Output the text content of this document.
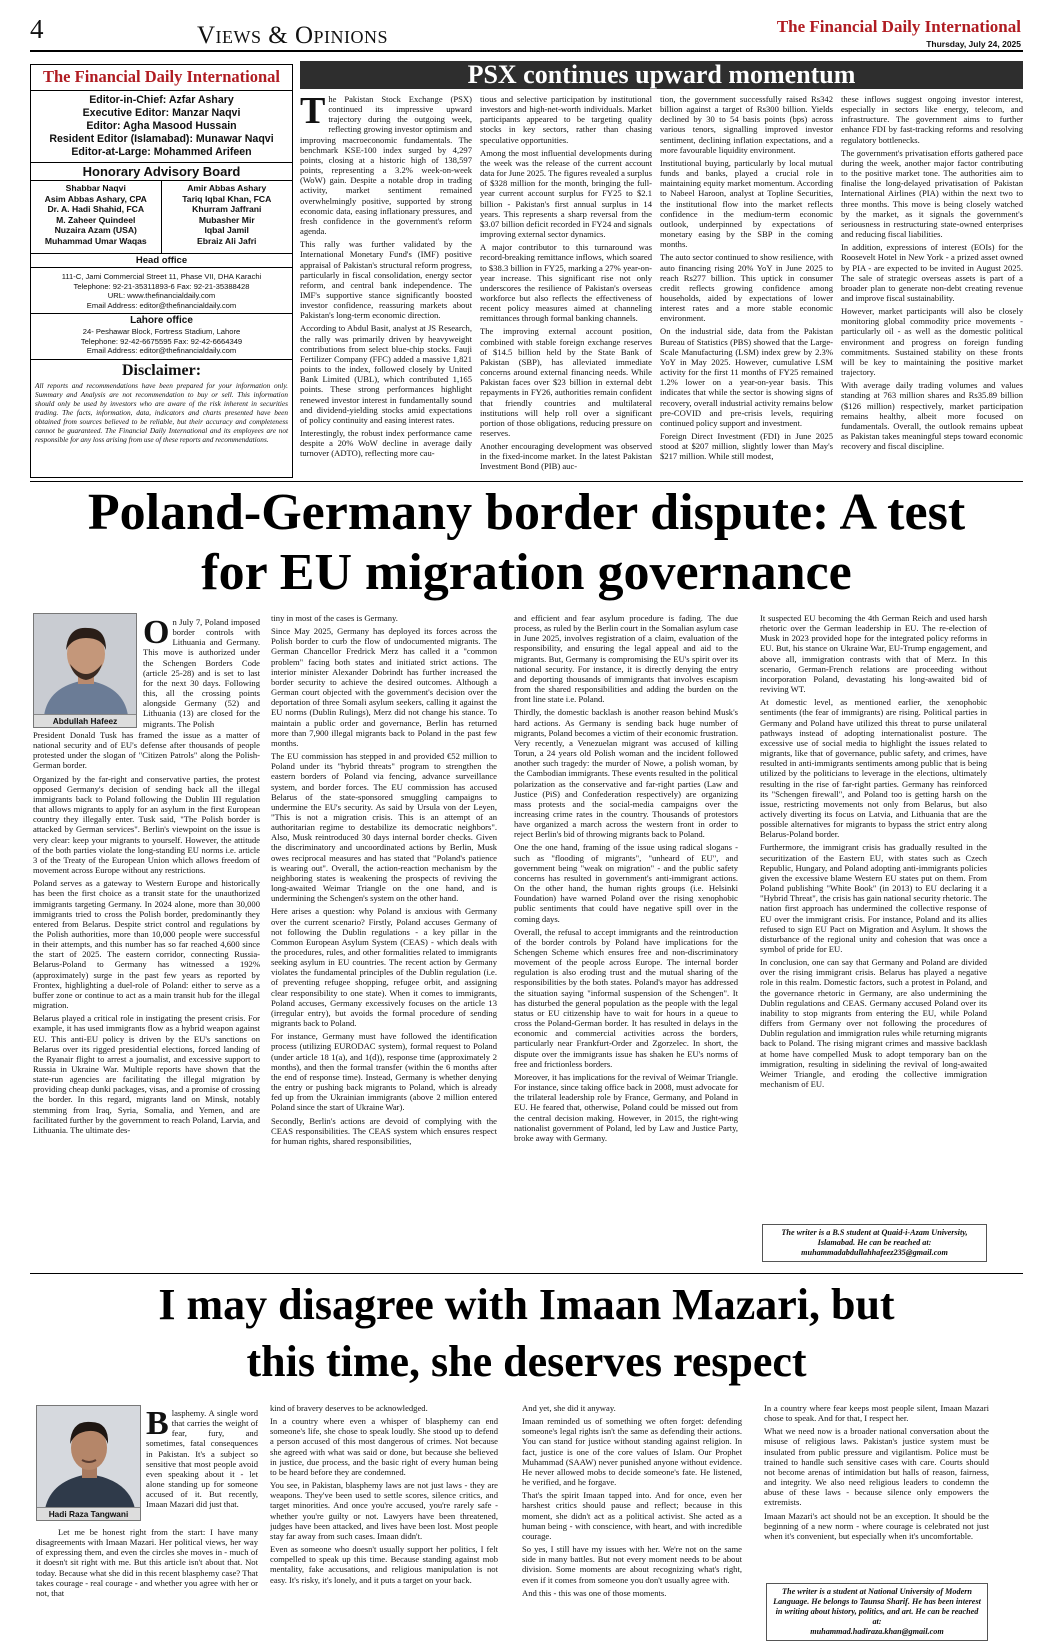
4	Views & Opinions	The Financial Daily International
Thursday, July 24, 2025
The Financial Daily International
Editor-in-Chief: Azfar Ashary
Executive Editor: Manzar Naqvi
Editor: Agha Masood Hussain
Resident Editor (Islamabad): Munawar Naqvi
Editor-at-Large: Mohammed Arifeen
Honorary Advisory Board
Shabbar Naqvi
Asim Abbas Ashary, CPA
Dr. A. Hadi Shahid, FCA
M. Zaheer Quindeel
Nuzaira Azam (USA)
Muhammad Umar Waqas
Amir Abbas Ashary
Tariq Iqbal Khan, FCA
Khurram Jaffrani
Mubasher Mir
Iqbal Jamil
Ebraiz Ali Jafri
Head office
111-C, Jami Commercial Street 11, Phase VII, DHA Karachi
Telephone: 92-21-35311893-6 Fax: 92-21-35388428
URL: www.thefinancialdaily.com
Email Address: editor@thefinancialdaily.com
Lahore office
24- Peshawar Block, Fortress Stadium, Lahore
Telephone: 92-42-6675595 Fax: 92-42-6664349
Email Address: editor@thefinancialdaily.com
Disclaimer:
All reports and recommendations have been prepared for your information only. Summary and Analysis are not recommendation to buy or sell. This information should only be used by investors who are aware of the risk inherent in securities trading. The facts, information, data, indicators and charts presented have been obtained from sources believed to be reliable, but their accuracy and completeness cannot be guaranteed. The Financial Daily International and its employees are not responsible for any loss arising from use of these reports and recommendations.
PSX continues upward momentum
T he Pakistan Stock Exchange (PSX) continued its impressive upward trajectory during the outgoing week, reflecting growing investor optimism and improving macroeconomic fundamentals. The benchmark KSE-100 index surged by 4,297 points, closing at a historic high of 138,597 points, representing a 3.2% week-on-week (WoW) gain. Despite a notable drop in trading activity, market sentiment remained overwhelmingly positive, supported by strong economic data, easing inflationary pressures, and fresh confidence in the government's reform agenda.

This rally was further validated by the International Monetary Fund's (IMF) positive appraisal of Pakistan's structural reform progress, particularly in fiscal consolidation, energy sector reform, and central bank independence. The IMF's supportive stance significantly boosted investor confidence, reassuring markets about Pakistan's long-term economic direction.

According to Abdul Basit, analyst at JS Research, the rally was primarily driven by heavyweight contributions from select blue-chip stocks. Fauji Fertilizer Company (FFC) added a massive 1,821 points to the index, followed closely by United Bank Limited (UBL), which contributed 1,165 points. These strong performances highlight renewed investor interest in fundamentally sound and dividend-yielding stocks amid expectations of policy continuity and easing interest rates.

Interestingly, the robust index performance came despite a 20% WoW decline in average daily turnover (ADTO), reflecting more cau-

tious and selective participation by institutional investors and high-net-worth individuals. Market participants appeared to be targeting quality stocks in key sectors, rather than chasing speculative opportunities.

Among the most influential developments during the week was the release of the current account data for June 2025. The figures revealed a surplus of $328 million for the month, bringing the full-year current account surplus for FY25 to $2.1 billion - Pakistan's first annual surplus in 14 years. This represents a sharp reversal from the $3.07 billion deficit recorded in FY24 and signals improving external sector dynamics.

A major contributor to this turnaround was record-breaking remittance inflows, which soared to $38.3 billion in FY25, marking a 27% year-on-year increase. This significant rise not only underscores the resilience of Pakistan's overseas workforce but also reflects the effectiveness of recent policy measures aimed at channeling remittances through formal banking channels.

The improving external account position, combined with stable foreign exchange reserves of $14.5 billion held by the State Bank of Pakistan (SBP), has alleviated immediate concerns around external financing needs. While Pakistan faces over $23 billion in external debt repayments in FY26, authorities remain confident that friendly countries and multilateral institutions will help roll over a significant portion of those obligations, reducing pressure on reserves.

Another encouraging development was observed in the fixed-income market. In the latest Pakistan Investment Bond (PIB) auc-

tion, the government successfully raised Rs342 billion against a target of Rs300 billion. Yields declined by 30 to 54 basis points (bps) across various tenors, signalling improved investor sentiment, declining inflation expectations, and a more favourable liquidity environment.

Institutional buying, particularly by local mutual funds and banks, played a crucial role in maintaining equity market momentum. According to Nabeel Haroon, analyst at Topline Securities, the institutional flow into the market reflects confidence in the medium-term economic outlook, underpinned by expectations of monetary easing by the SBP in the coming months.

The auto sector continued to show resilience, with auto financing rising 20% YoY in June 2025 to reach Rs277 billion. This uptick in consumer credit reflects growing confidence among households, aided by expectations of lower interest rates and a more stable economic environment.

On the industrial side, data from the Pakistan Bureau of Statistics (PBS) showed that the Large-Scale Manufacturing (LSM) index grew by 2.3% YoY in May 2025. However, cumulative LSM activity for the first 11 months of FY25 remained 1.2% lower on a year-on-year basis. This indicates that while the sector is showing signs of recovery, overall industrial activity remains below pre-COVID and pre-crisis levels, requiring continued policy support and investment.

Foreign Direct Investment (FDI) in June 2025 stood at $207 million, slightly lower than May's $217 million. While still modest,

these inflows suggest ongoing investor interest, especially in sectors like energy, telecom, and infrastructure. The government aims to further enhance FDI by fast-tracking reforms and resolving regulatory bottlenecks.

The government's privatisation efforts gathered pace during the week, another major factor contributing to the positive market tone. The authorities aim to finalise the long-delayed privatisation of Pakistan International Airlines (PIA) within the next two to three months. This move is being closely watched by the market, as it signals the government's seriousness in restructuring state-owned enterprises and reducing fiscal liabilities.

In addition, expressions of interest (EOIs) for the Roosevelt Hotel in New York - a prized asset owned by PIA - are expected to be invited in August 2025. The sale of strategic overseas assets is part of a broader plan to generate non-debt creating revenue and improve fiscal sustainability.

However, market participants will also be closely monitoring global commodity price movements - particularly oil - as well as the domestic political environment and progress on foreign funding commitments. Sustained stability on these fronts will be key to maintaining the positive market trajectory.

With average daily trading volumes and values standing at 763 million shares and Rs35.89 billion ($126 million) respectively, market participation remains healthy, albeit more focused on fundamentals. Overall, the outlook remains upbeat as Pakistan takes meaningful steps toward economic recovery and fiscal discipline.

Poland-Germany border dispute: A test
for EU migration governance
Abdullah Hafeez
O n July 7, Poland imposed border controls with Lithuania and Germany. This move is authorized under the Schengen Borders Code (article 25-28) and is set to last for the next 30 days. Following this, all the crossing points alongside Germany (52) and Lithuania (13) are closed for the migrants. The Polish

President Donald Tusk has framed the issue as a matter of national security and of EU's defense after thousands of people protested under the slogan of "Citizen Patrols" along the Polish-German border.

Organized by the far-right and conservative parties, the protest opposed Germany's decision of sending back all the illegal immigrants back to Poland following the Dublin III regulation that allows migrants to apply for an asylum in the first European country they illegally enter. Tusk said, "The Polish border is attacked by German services". Berlin's viewpoint on the issue is very clear: keep your migrants to yourself. However, the attitude of the both parties violate the long-standing EU norms i.e. article 3 of the Treaty of the European Union which allows freedom of movement across Europe without any restrictions.

Poland serves as a gateway to Western Europe and historically has been the first choice as a transit state for the unauthorized immigrants targeting Germany. In 2024 alone, more than 30,000 immigrants tried to cross the Polish border, predominantly they entered from Belarus. Despite strict control and regulations by the Polish authorities, more than 10,000 people were successful in their attempts, and this number has so far reached 4,600 since the start of 2025. The eastern corridor, connecting Russia-Belarus-Poland to Germany has witnessed a 192% (approximately) surge in the past few years as reported by Frontex, highlighting a duel-role of Poland: either to serve as a buffer zone or continue to act as a main transit hub for the illegal migration.

Belarus played a critical role in instigating the present crisis. For example, it has used immigrants flow as a hybrid weapon against EU. This anti-EU policy is driven by the EU's sanctions on Belarus over its rigged presidential elections, forced landing of the Ryanair flight to arrest a journalist, and excessive support to Russia in Ukraine War. Multiple reports have shown that the state-run agencies are facilitating the illegal migration by providing cheap dunki packages, visas, and a promise of crossing the border. In this regard, migrants land on Minsk, notably stemming from Iraq, Syria, Somalia, and Yemen, and are facilitated further by the government to reach Poland, Larvia, and Lithuania. The ultimate des-

tiny in most of the cases is Germany.

Since May 2025, Germany has deployed its forces across the Polish border to curb the flow of undocumented migrants. The German Chancellor Fredrick Merz has called it a "common problem" facing both states and initiated strict actions. The interior minister Alexander Dobrindt has further increased the border security to achieve the desired outcomes. Although a German court objected with the government's decision over the deportation of three Somali asylum seekers, calling it against the EU norms (Dublin Rulings), Merz did not change his stance. To maintain a public order and governance, Berlin has returned more than 7,900 illegal migrants back to Poland in the past few months.

The EU commission has stepped in and provided €52 million to Poland under its "hybrid threats" program to strengthen the eastern borders of Poland via fencing, advance surveillance system, and border forces. The EU commission has accused Belarus of the state-sponsored smuggling campaigns to undermine the EU's security. As said by Ursula von der Leyen, "This is not a migration crisis. This is an attempt of an authoritarian regime to destabilize its democratic neighbors". Also, Musk reintroduced 30 days internal border checks. Given the discriminatory and uncoordinated actions by Berlin, Musk owes reciprocal measures and has stated that "Poland's patience is wearing out". Overall, the action-reaction mechanism by the neighboring states is weakening the prospects of reviving the long-awaited Weimar Triangle on the one hand, and is undermining the Schengen's system on the other hand.

Here arises a question: why Poland is anxious with Germany over the current scenario? Firstly, Poland accuses Germany of not following the Dublin regulations - a key pillar in the Common European Asylum System (CEAS) - which deals with the procedures, rules, and other formalities related to immigrants seeking asylum in EU countries. The recent action by Germany violates the fundamental principles of the Dublin regulation (i.e. of preventing refugee shopping, refugee orbit, and assigning clear responsibility to one state). When it comes to immigrants, Poland accuses, Germany excessively focuses on the article 13 (irregular entry), but avoids the formal procedure of sending migrants back to Poland.

For instance, Germany must have followed the identification process (utilizing EURODAC system), formal request to Poland (under article 18 1(a), and 1(d)), response time (approximately 2 months), and then the formal transfer (within the 6 months after the end of response time). Instead, Germany is whether denying the entry or pushing back migrants to Poland, which is already fed up from the Ukrainian immigrants (above 2 million entered Poland since the start of Ukraine War).

Secondly, Berlin's actions are devoid of complying with the CEAS responsibilities. The CEAS system which ensures respect for human rights, shared responsibilities,

and efficient and fear asylum procedure is fading. The due process, as ruled by the Berlin court in the Somalian asylum case in June 2025, involves registration of a claim, evaluation of the responsibility, and ensuring the legal appeal and aid to the migrants. But, Germany is compromising the EU's spirit over its national security. For instance, it is directly denying the entry and deporting thousands of immigrants that involves escapism from the shared responsibilities and adding the burden on the front line state i.e. Poland.

Thirdly, the domestic backlash is another reason behind Musk's hard actions. As Germany is sending back huge number of migrants, Poland becomes a victim of their economic frustration. Very recently, a Venezuelan migrant was accused of killing Torun, a 24 years old Polish woman and the incident followed another such tragedy: the murder of Nowe, a polish woman, by the Cambodian immigrants. These events resulted in the political polarization as the conservative and far-right parties (Law and Justice (PiS) and Confederation respectively) are organizing mass protests and the social-media campaigns over the increasing crime rates in the country. Thousands of protestors have organized a march across the western front in order to reject Berlin's bid of throwing migrants back to Poland.

One the one hand, framing of the issue using radical slogans - such as "flooding of migrants", "unheard of EU", and government being "weak on migration" - and the public safety concerns has resulted in government's anti-immigrant actions. On the other hand, the human rights groups (i.e. Helsinki Foundation) have warned Poland over the rising xenophobic public sentiments that could have negative spill over in the coming days.

Overall, the refusal to accept immigrants and the reintroduction of the border controls by Poland have implications for the Schengen Scheme which ensures free and non-discriminatory movement of the people across Europe. The internal border regulation is also eroding trust and the mutual sharing of the responsibilities by the both states. Poland's mayor has addressed the situation saying "informal suspension of the Schengen". It has disturbed the general population as the people with the legal status or EU citizenship have to wait for hours in a queue to cross the Poland-German border. It has resulted in delays in the economic and commercial activities across the borders, particularly near Frankfurt-Order and Zgorzelec. In short, the dispute over the immigrants issue has shaken he EU's norms of free and frictionless borders.

Moreover, it has implications for the revival of Weimar Triangle. For instance, since taking office back in 2008, must advocate for the trilateral leadership role by France, Germany, and Poland in EU. He feared that, otherwise, Poland could be missed out from the central decision making. However, in 2015, the right-wing nationalist government of Poland, led by Law and Justice Party, broke away with Germany.

It suspected EU becoming the 4th German Reich and used harsh rhetoric over the German leadership in EU. The re-election of Musk in 2023 provided hope for the integrated policy reforms in EU. But, his stance on Ukraine War, EU-Trump engagement, and above all, immigration contrasts with that of Merz. In this scenario, German-French relations are proceeding without incorporation Poland, devastating his long-awaited bid of reviving WT.

At domestic level, as mentioned earlier, the xenophobic sentiments (the fear of immigrants) are rising. Political parties in Germany and Poland have utilized this threat to purse unilateral pathways instead of adopting internationalist posture. The excessive use of social media to highlight the issues related to migrants, like that of governance, public safety, and crimes, have resulted in anti-immigrants sentiments among public that is being utilized by the politicians to leverage in the elections, ultimately resulting in the rise of far-right parties. Germany has reinforced its "Schengen firewall", and Poland too is getting harsh on the issue, restricting movements not only from Belarus, but also actively diverting its focus on Latvia, and Lithuania that are the possible alternatives for migrants to bypass the strict entry along Belarus-Poland border.

Furthermore, the immigrant crisis has gradually resulted in the securitization of the Eastern EU, with states such as Czech Republic, Hungary, and Poland adopting anti-immigrants policies given the excessive blame Western EU states put on them. From Poland publishing "White Book" (in 2013) to EU declaring it a "Hybrid Threat", the crisis has gain national security rhetoric. The nation first approach has undermined the collective response of EU over the immigrant crisis. For instance, Poland and its allies refused to sign EU Pact on Migration and Asylum. It shows the disturbance of the regional unity and cohesion that was once a symbol of pride for EU.

In conclusion, one can say that Germany and Poland are divided over the rising immigrant crisis. Belarus has played a negative role in this realm. Domestic factors, such a protest in Poland, and the governance rhetoric in Germany, are also undermining the Dublin regulations and CEAS. Germany accused Poland over its inability to stop migrants from entering the EU, while Poland differs from Germany over not following the procedures of Dublin regulation and immigration rules while returning migrants back to Poland. The rising migrant crimes and massive backlash at home have compelled Musk to adopt temporary ban on the immigration, resulting in sidelining the revival of long-awaited Weimer Triangle, and eroding the collective immigration mechanism of EU.

The writer is a B.S student at Quaid-i-Azam University, Islamabad. He can be reached at:
muhammadabdullahhafeez235@gmail.com
I may disagree with Imaan Mazari, but
this time, she deserves respect
Hadi Raza Tangwani
B lasphemy. A single word that carries the weight of fear, fury, and sometimes, fatal consequences in Pakistan. It's a subject so sensitive that most people avoid even speaking about it - let alone standing up for someone accused of it. But recently, Imaan Mazari did just that.

Let me be honest right from the start: I have many disagreements with Imaan Mazari. Her political views, her way of expressing them, and even the circles she moves in - much of it doesn't sit right with me. But this article isn't about that. Not today. Because what she did in this recent blasphemy case? That takes courage - real courage - and whether you agree with her or not, that

kind of bravery deserves to be acknowledged.

In a country where even a whisper of blasphemy can end someone's life, she chose to speak loudly. She stood up to defend a person accused of this most dangerous of crimes. Not because she agreed with what was said or done, but because she believed in justice, due process, and the basic right of every human being to be heard before they are condemned.

You see, in Pakistan, blasphemy laws are not just laws - they are weapons. They've been used to settle scores, silence critics, and target minorities. And once you're accused, you're rarely safe - whether you're guilty or not. Lawyers have been threatened, judges have been attacked, and lives have been lost. Most people stay far away from such cases. Imaan didn't.

Even as someone who doesn't usually support her politics, I felt compelled to speak up this time. Because standing against mob mentality, fake accusations, and religious manipulation is not easy. It's risky, it's lonely, and it puts a target on your back.

And yet, she did it anyway.

Imaan reminded us of something we often forget: defending someone's legal rights isn't the same as defending their actions. You can stand for justice without standing against religion. In fact, justice is one of the core values of Islam. Our Prophet Muhammad (SAAW) never punished anyone without evidence. He never allowed mobs to decide someone's fate. He listened, he verified, and he forgave.

That's the spirit Imaan tapped into. And for once, even her harshest critics should pause and reflect; because in this moment, she didn't act as a political activist. She acted as a human being - with conscience, with heart, and with incredible courage.

So yes, I still have my issues with her. We're not on the same side in many battles. But not every moment needs to be about division. Some moments are about recognizing what's right, even if it comes from someone you don't usually agree with.

And this - this was one of those moments.

In a country where fear keeps most people silent, Imaan Mazari chose to speak. And for that, I respect her.

What we need now is a broader national conversation about the misuse of religious laws. Pakistan's justice system must be insulated from public pressure and vigilantism. Police must be trained to handle such sensitive cases with care. Courts should not become arenas of intimidation but halls of reason, fairness, and integrity. We also need religious leaders to condemn the abuse of these laws - because silence only empowers the extremists.

Imaan Mazari's act should not be an exception. It should be the beginning of a new norm - where courage is celebrated not just when it's convenient, but especially when it's uncomfortable.

The writer is a student at National University of Modern Language. He belongs to Taunsa Sharif. He has been interest in writing about history, politics, and art. He can be reached at:
muhammad.hadiraza.khan@gmail.com
